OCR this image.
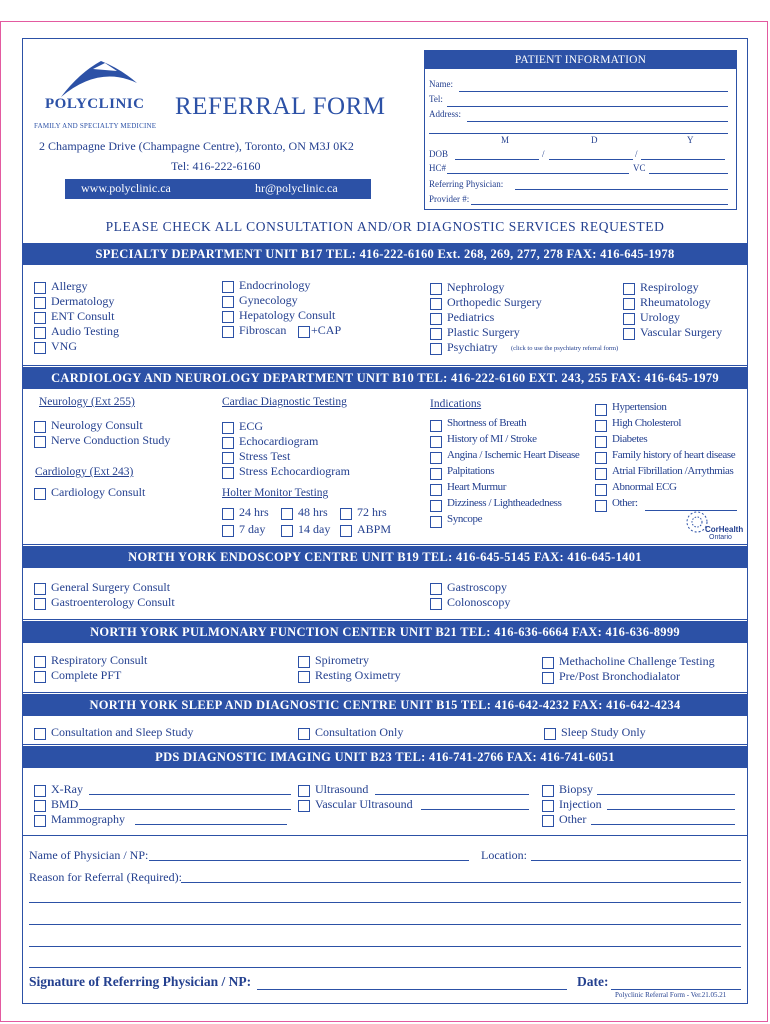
POLYCLINIC
FAMILY AND SPECIALTY MEDICINE
REFERRAL FORM
2 Champagne Drive (Champagne Centre), Toronto, ON M3J 0K2
Tel: 416-222-6160
www.polyclinic.ca	hr@polyclinic.ca
PATIENT INFORMATION
Name:
Tel:
Address:
M	D	Y
DOB	/	/
HC#	VC
Referring Physician:
Provider #:
PLEASE CHECK ALL CONSULTATION AND/OR DIAGNOSTIC SERVICES REQUESTED
SPECIALTY DEPARTMENT UNIT B17 TEL: 416-222-6160 Ext. 268, 269, 277, 278 FAX: 416-645-1978
CARDIOLOGY AND NEUROLOGY DEPARTMENT UNIT B10 TEL: 416-222-6160 EXT. 243, 255 FAX: 416-645-1979
Neurology (Ext 255)
Cardiology (Ext 243)
Cardiac Diagnostic Testing
Holter Monitor Testing
Indications
CorHealth
Ontario
NORTH YORK ENDOSCOPY CENTRE UNIT B19 TEL: 416-645-5145 FAX: 416-645-1401
NORTH YORK PULMONARY FUNCTION CENTER UNIT B21 TEL: 416-636-6664 FAX: 416-636-8999
NORTH YORK SLEEP AND DIAGNOSTIC CENTRE UNIT B15 TEL: 416-642-4232 FAX: 416-642-4234
PDS DIAGNOSTIC IMAGING UNIT B23 TEL: 416-741-2766 FAX: 416-741-6051
Name of Physician / NP:	Location:
Reason for Referral (Required):
Signature of Referring Physician / NP:	Date:
Polyclinic Referral Form - Ver.21.05.21
Allergy
Dermatology
ENT Consult
Audio Testing
VNG
Endocrinology
Gynecology
Hepatology Consult
Fibroscan +CAP
Nephrology
Orthopedic Surgery
Pediatrics
Plastic Surgery
Psychiatry (click to use the psychiatry referral form)
Respirology
Rheumatology
Urology
Vascular Surgery
Neurology Consult
Nerve Conduction Study
Cardiology Consult
ECG
Echocardiogram
Stress Test
Stress Echocardiogram
24 hrs 48 hrs 72 hrs
7 day	14 day ABPM
Shortness of Breath
History of MI / Stroke
Angina / Ischemic Heart Disease
Palpitations
Heart Murmur
Dizziness / Lightheadedness
Syncope
Hypertension
High Cholesterol
Diabetes
Family history of heart disease
Atrial Fibrillation /Arrythmias
Abnormal ECG
Other:
General Surgery Consult
Gastroenterology Consult
Gastroscopy
Colonoscopy
Respiratory Consult
Complete PFT
Spirometry
Resting Oximetry
Methacholine Challenge Testing
Pre/Post Bronchodialator
Consultation and Sleep Study	Consultation Only	Sleep Study Only
X-Ray
BMD
Mammography
Ultrasound
Vascular Ultrasound
Biopsy
Injection
Other
